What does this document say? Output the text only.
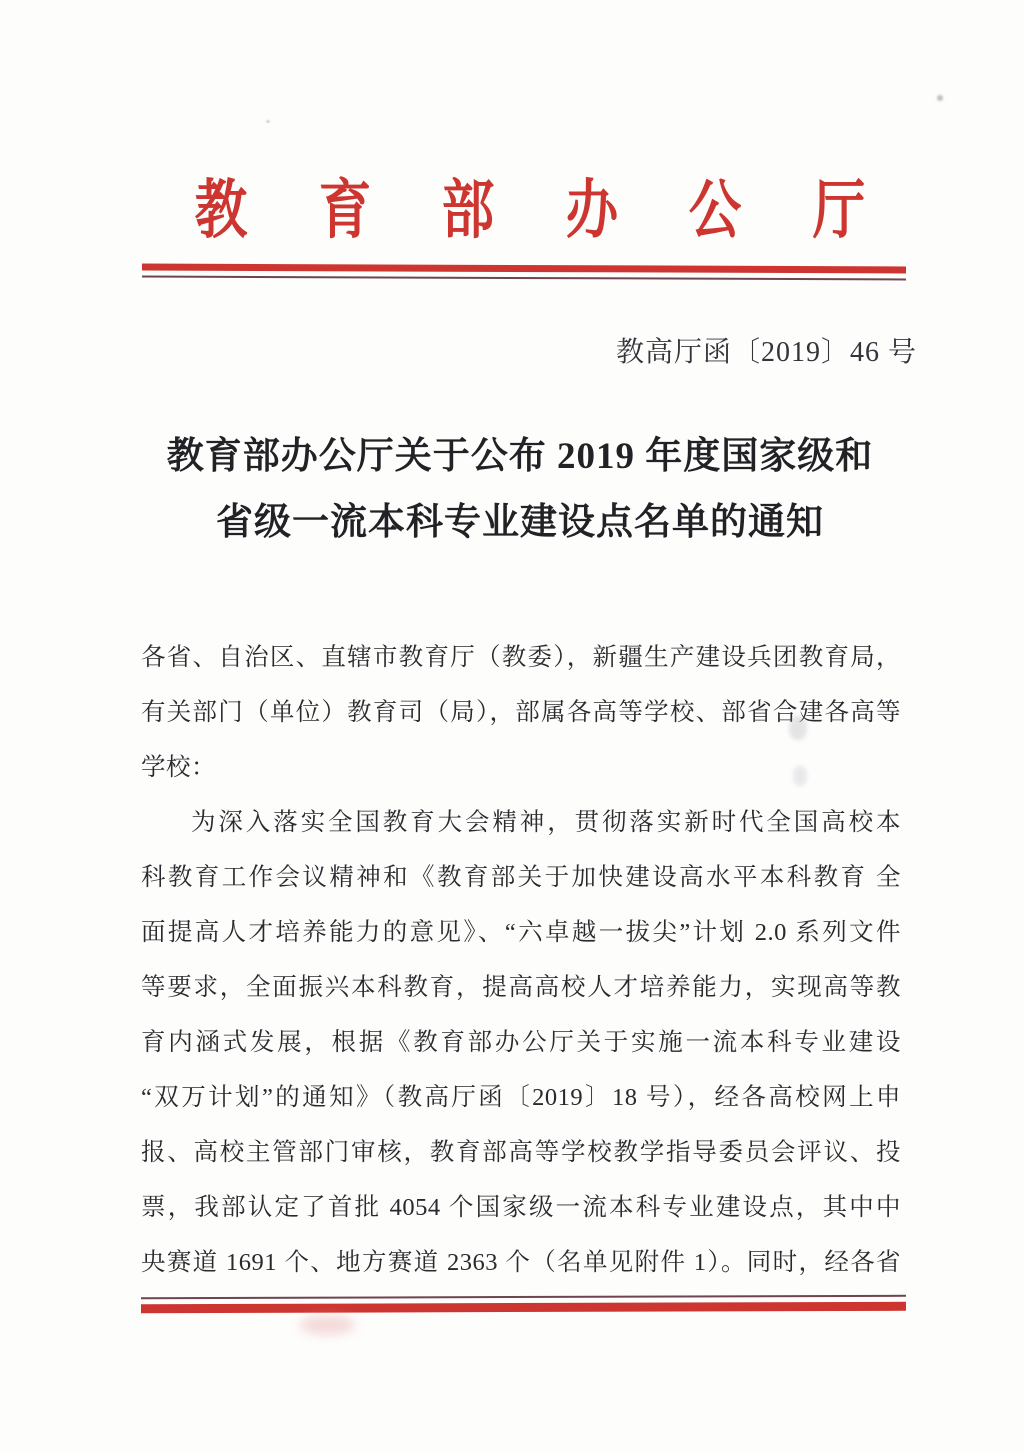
教 育 部 办 公 厅
教高厅函〔2019〕46 号
教育部办公厅关于公布 2019 年度国家级和
省级一流本科专业建设点名单的通知
各省、自治区、直辖市教育厅（教委），新疆生产建设兵团教育局，
有关部门（单位）教育司（局），部属各高等学校、部省合建各高等
学校：
为深入落实全国教育大会精神，贯彻落实新时代全国高校本
科教育工作会议精神和《教育部关于加快建设高水平本科教育 全
面提高人才培养能力的意见》、“六卓越一拔尖”计划 2.0 系列文件
等要求，全面振兴本科教育，提高高校人才培养能力，实现高等教
育内涵式发展，根据《教育部办公厅关于实施一流本科专业建设
“双万计划”的通知》（教高厅函〔2019〕18 号），经各高校网上申
报、高校主管部门审核，教育部高等学校教学指导委员会评议、投
票，我部认定了首批 4054 个国家级一流本科专业建设点，其中中
央赛道 1691 个、地方赛道 2363 个（名单见附件 1）。同时，经各省
